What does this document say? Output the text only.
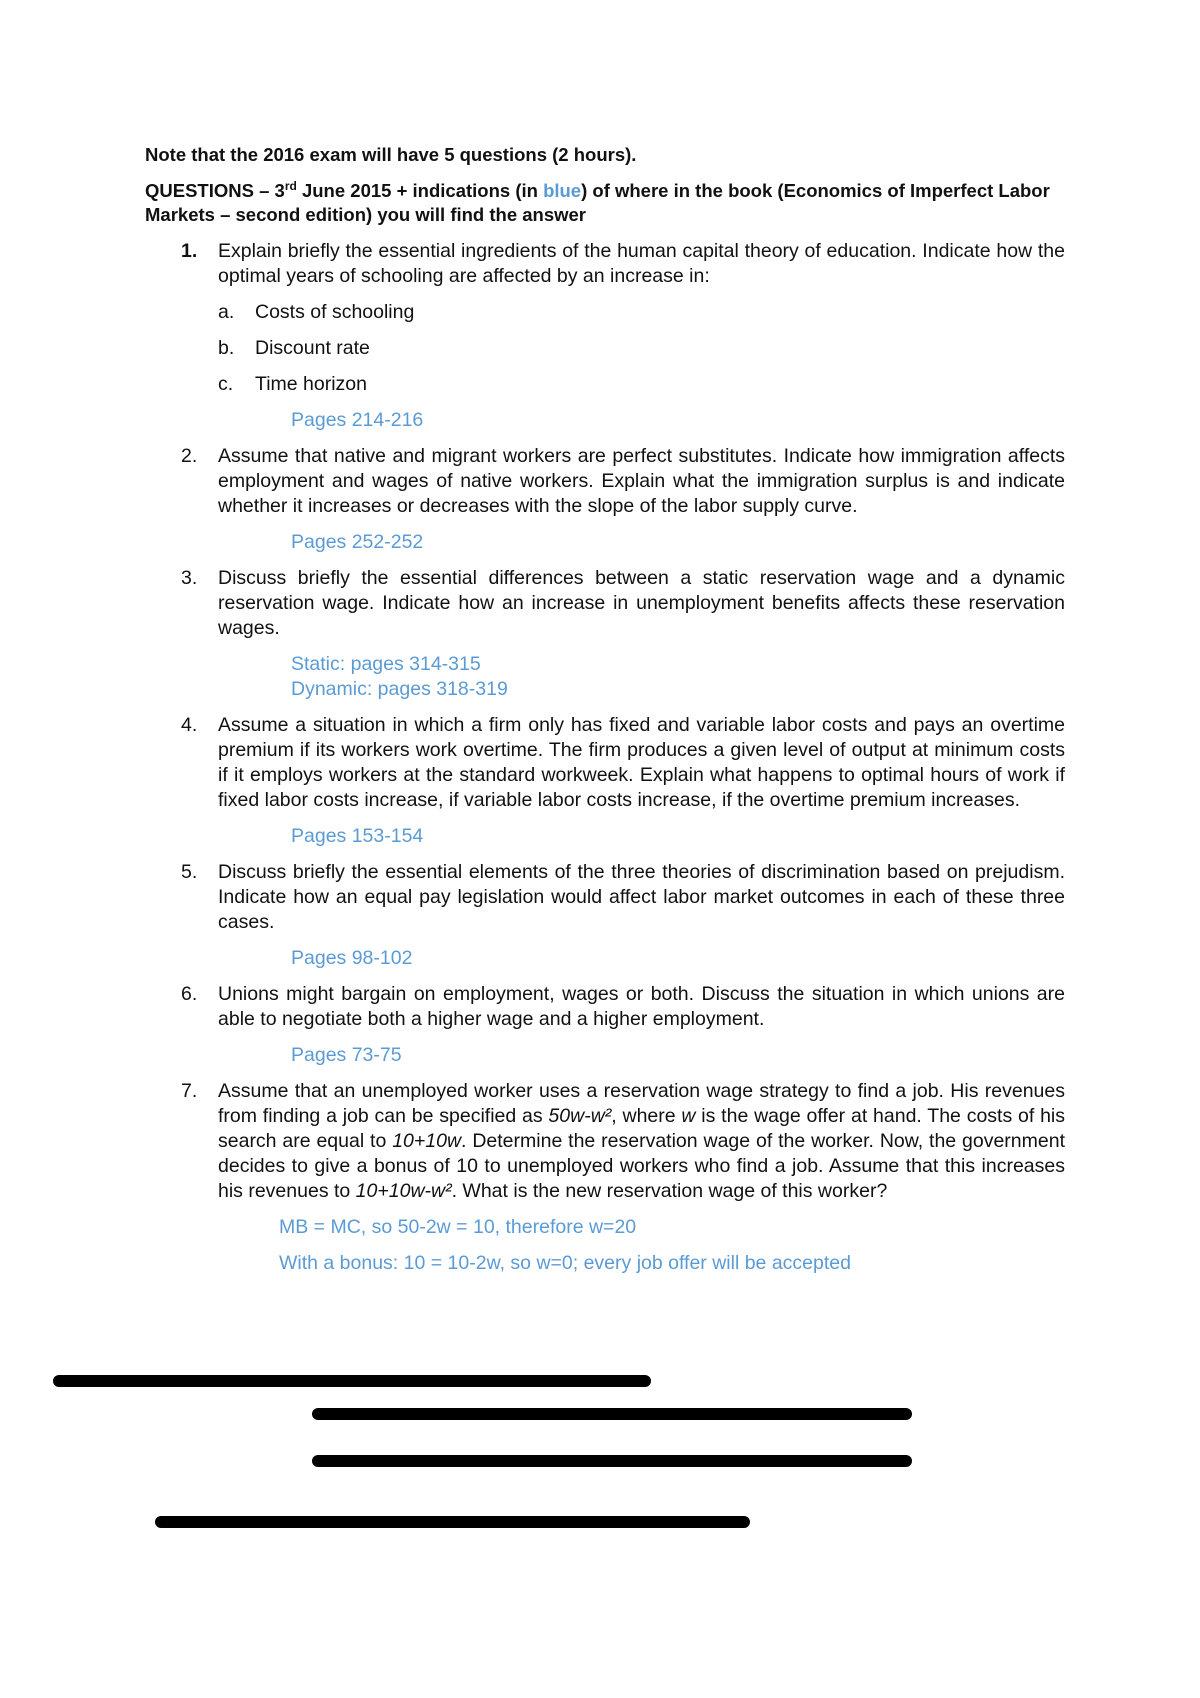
Note that the 2016 exam will have 5 questions (2 hours).

QUESTIONS – 3rd June 2015 + indications (in blue) of where in the book (Economics of Imperfect Labor Markets – second edition) you will find the answer

1. Explain briefly the essential ingredients of the human capital theory of education. Indicate how the optimal years of schooling are affected by an increase in:
a. Costs of schooling
b. Discount rate
c. Time horizon
Pages 214-216
2. Assume that native and migrant workers are perfect substitutes. Indicate how immigration affects employment and wages of native workers. Explain what the immigration surplus is and indicate whether it increases or decreases with the slope of the labor supply curve.
Pages 252-252
3. Discuss briefly the essential differences between a static reservation wage and a dynamic reservation wage. Indicate how an increase in unemployment benefits affects these reservation wages.
Static: pages 314-315
Dynamic: pages 318-319
4. Assume a situation in which a firm only has fixed and variable labor costs and pays an overtime premium if its workers work overtime. The firm produces a given level of output at minimum costs if it employs workers at the standard workweek. Explain what happens to optimal hours of work if fixed labor costs increase, if variable labor costs increase, if the overtime premium increases.
Pages 153-154
5. Discuss briefly the essential elements of the three theories of discrimination based on prejudism. Indicate how an equal pay legislation would affect labor market outcomes in each of these three cases.
Pages 98-102
6. Unions might bargain on employment, wages or both. Discuss the situation in which unions are able to negotiate both a higher wage and a higher employment.
Pages 73-75
7. Assume that an unemployed worker uses a reservation wage strategy to find a job. His revenues from finding a job can be specified as 50w-w², where w is the wage offer at hand. The costs of his search are equal to 10+10w. Determine the reservation wage of the worker. Now, the government decides to give a bonus of 10 to unemployed workers who find a job. Assume that this increases his revenues to 10+10w-w². What is the new reservation wage of this worker?
MB = MC, so 50-2w = 10, therefore w=20
With a bonus: 10 = 10-2w, so w=0; every job offer will be accepted
